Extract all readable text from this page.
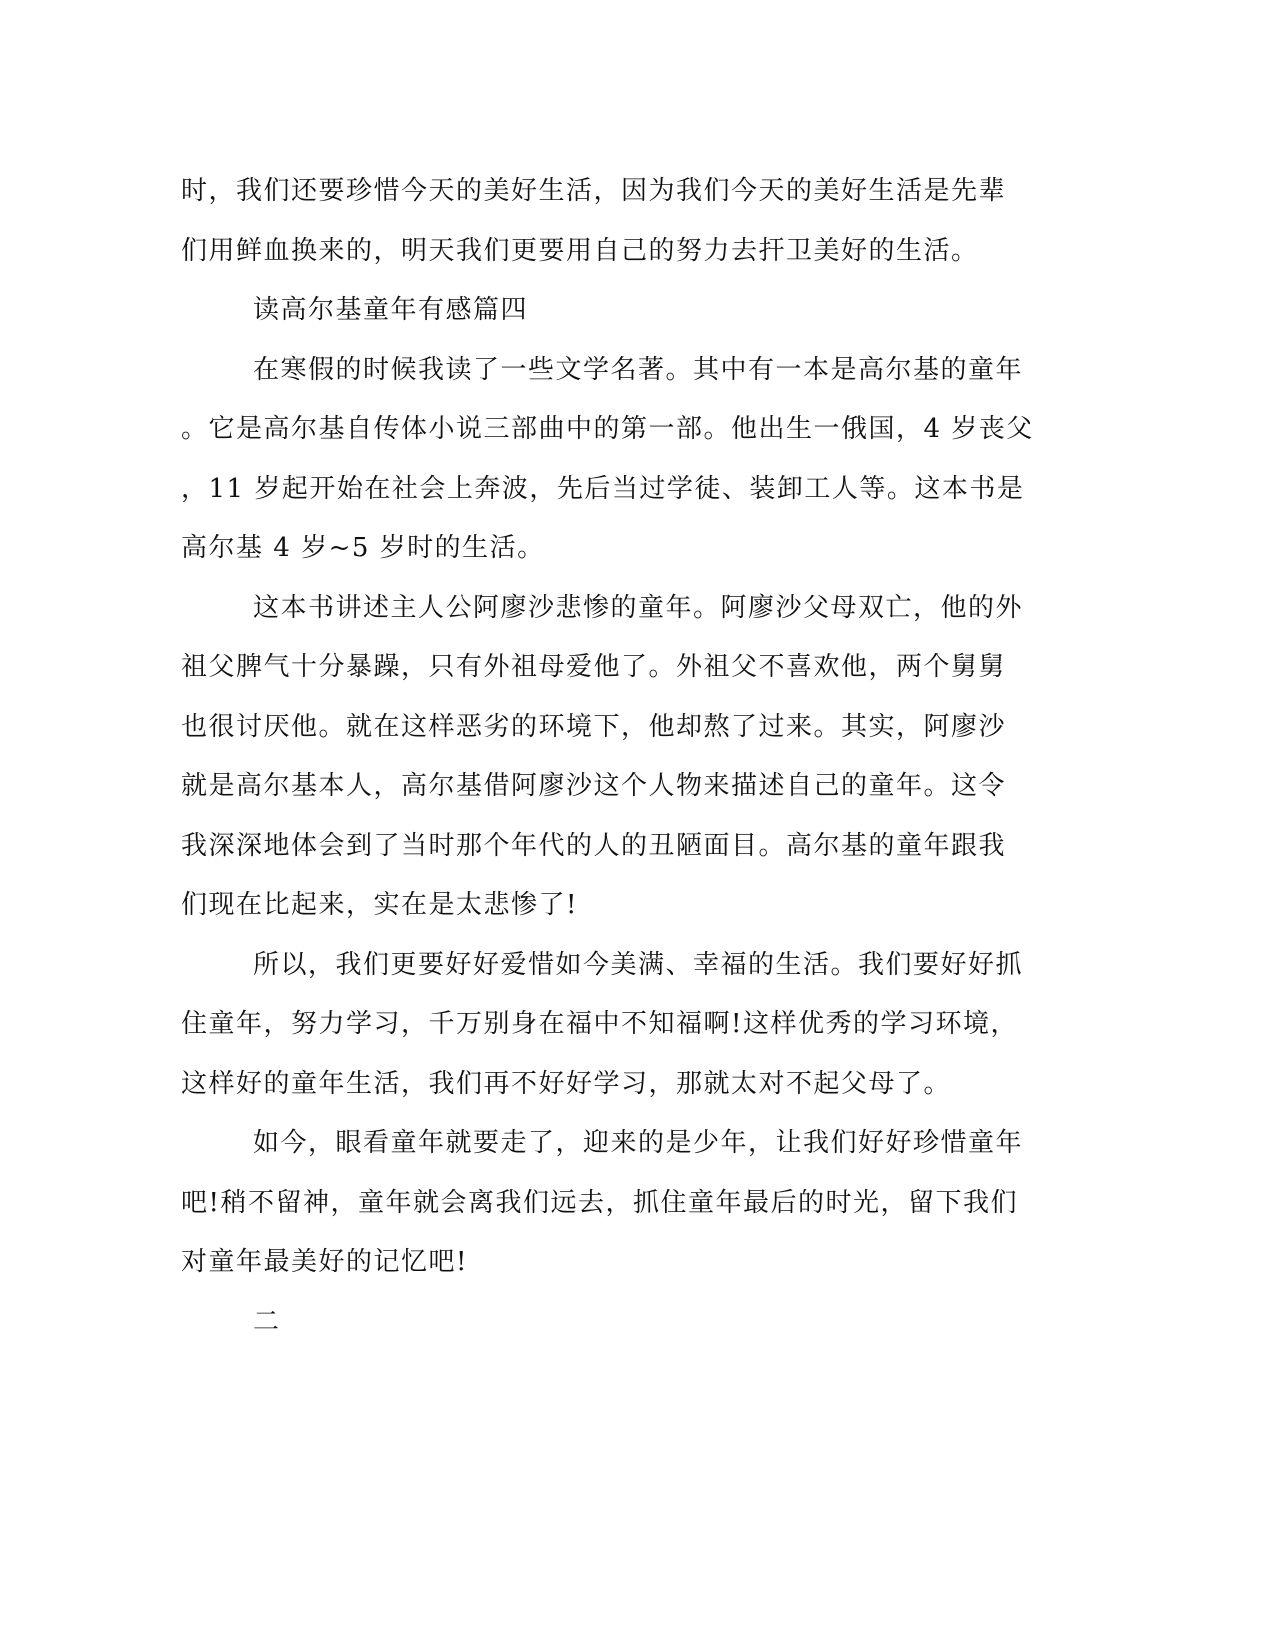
时，我们还要珍惜今天的美好生活，因为我们今天的美好生活是先辈
们用鲜血换来的，明天我们更要用自己的努力去扞卫美好的生活。
读高尔基童年有感篇四
在寒假的时候我读了一些文学名著。其中有一本是高尔基的童年
。它是高尔基自传体小说三部曲中的第一部。他出生一俄国，4 岁丧父
，11 岁起开始在社会上奔波，先后当过学徒、装卸工人等。这本书是
高尔基 4 岁~5 岁时的生活。
这本书讲述主人公阿廖沙悲惨的童年。阿廖沙父母双亡，他的外
祖父脾气十分暴躁，只有外祖母爱他了。外祖父不喜欢他，两个舅舅
也很讨厌他。就在这样恶劣的环境下，他却熬了过来。其实，阿廖沙
就是高尔基本人，高尔基借阿廖沙这个人物来描述自己的童年。这令
我深深地体会到了当时那个年代的人的丑陋面目。高尔基的童年跟我
们现在比起来，实在是太悲惨了!
所以，我们更要好好爱惜如今美满、幸福的生活。我们要好好抓
住童年，努力学习，千万别身在福中不知福啊!这样优秀的学习环境，
这样好的童年生活，我们再不好好学习，那就太对不起父母了。
如今，眼看童年就要走了，迎来的是少年，让我们好好珍惜童年
吧!稍不留神，童年就会离我们远去，抓住童年最后的时光，留下我们
对童年最美好的记忆吧!
二
